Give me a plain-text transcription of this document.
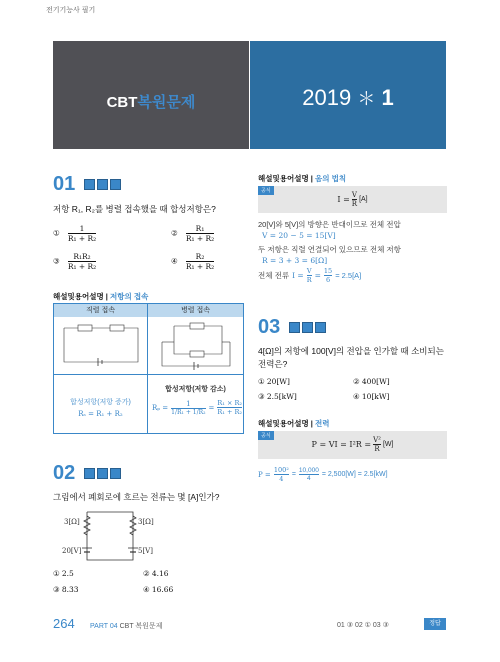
전기기능사 필기
CBT복원문제	2019 ＊ 1
01
저항 R₁, R₂를 병렬 접속했을 때 합성저항은?
① $\frac{1}{\text{R₁ + R₂}}$	② $\frac{\text{R₁}}{\text{R₁ + R₂}}$
③ $\frac{\text{R₁R₂}}{\text{R₁ + R₂}}$	④ $\frac{\text{R₂}}{\text{R₁ + R₂}}$
해설및용어설명 | 저항의 접속
직렬 접속	병렬 접속
합성저항(저항 증가)
Rₛ = R₁ + R₂
합성저항(저항 감소)
$R_p = \frac{1}{\text{1/R₁ + 1/R₂}} = \frac{\text{R₁ × R₂}}{\text{R₁ + R₂}}$
02
그림에서 폐회로에 흐르는 전류는 몇 [A]인가?
3[Ω]	3[Ω]
20[V]	5[V]
① 2.5	② 4.16
③ 8.33	④ 16.66
해설및용어설명 | 옴의 법칙
공식
$I = \frac{V}{R} [A]$
20[V]와 5[V]의 방향은 반대이므로 전체 전압
V = 20 − 5 = 15[V]
두 저항은 직렬 연결되어 있으므로 전체 저항
R = 3 + 3 = 6[Ω]
전체 전류 $I = \frac{V}{R} = \frac{15}{6} = 2.5[A]$
03
4[Ω]의 저항에 100[V]의 전압을 인가할 때 소비되는
전력은?
① 20[W]	② 400[W]
③ 2.5[kW]	④ 10[kW]
해설및용어설명 | 전력
공식
P = VI = $I^2R = \frac{\text{V²}}{R} [W]$
$P = \frac{\text{100²}}{4} = \frac{10,000}{4} = 2,500[W] = 2.5[kW]$
264 PART 04 CBT 복원문제	01 ③ 02 ① 03 ③	정답
